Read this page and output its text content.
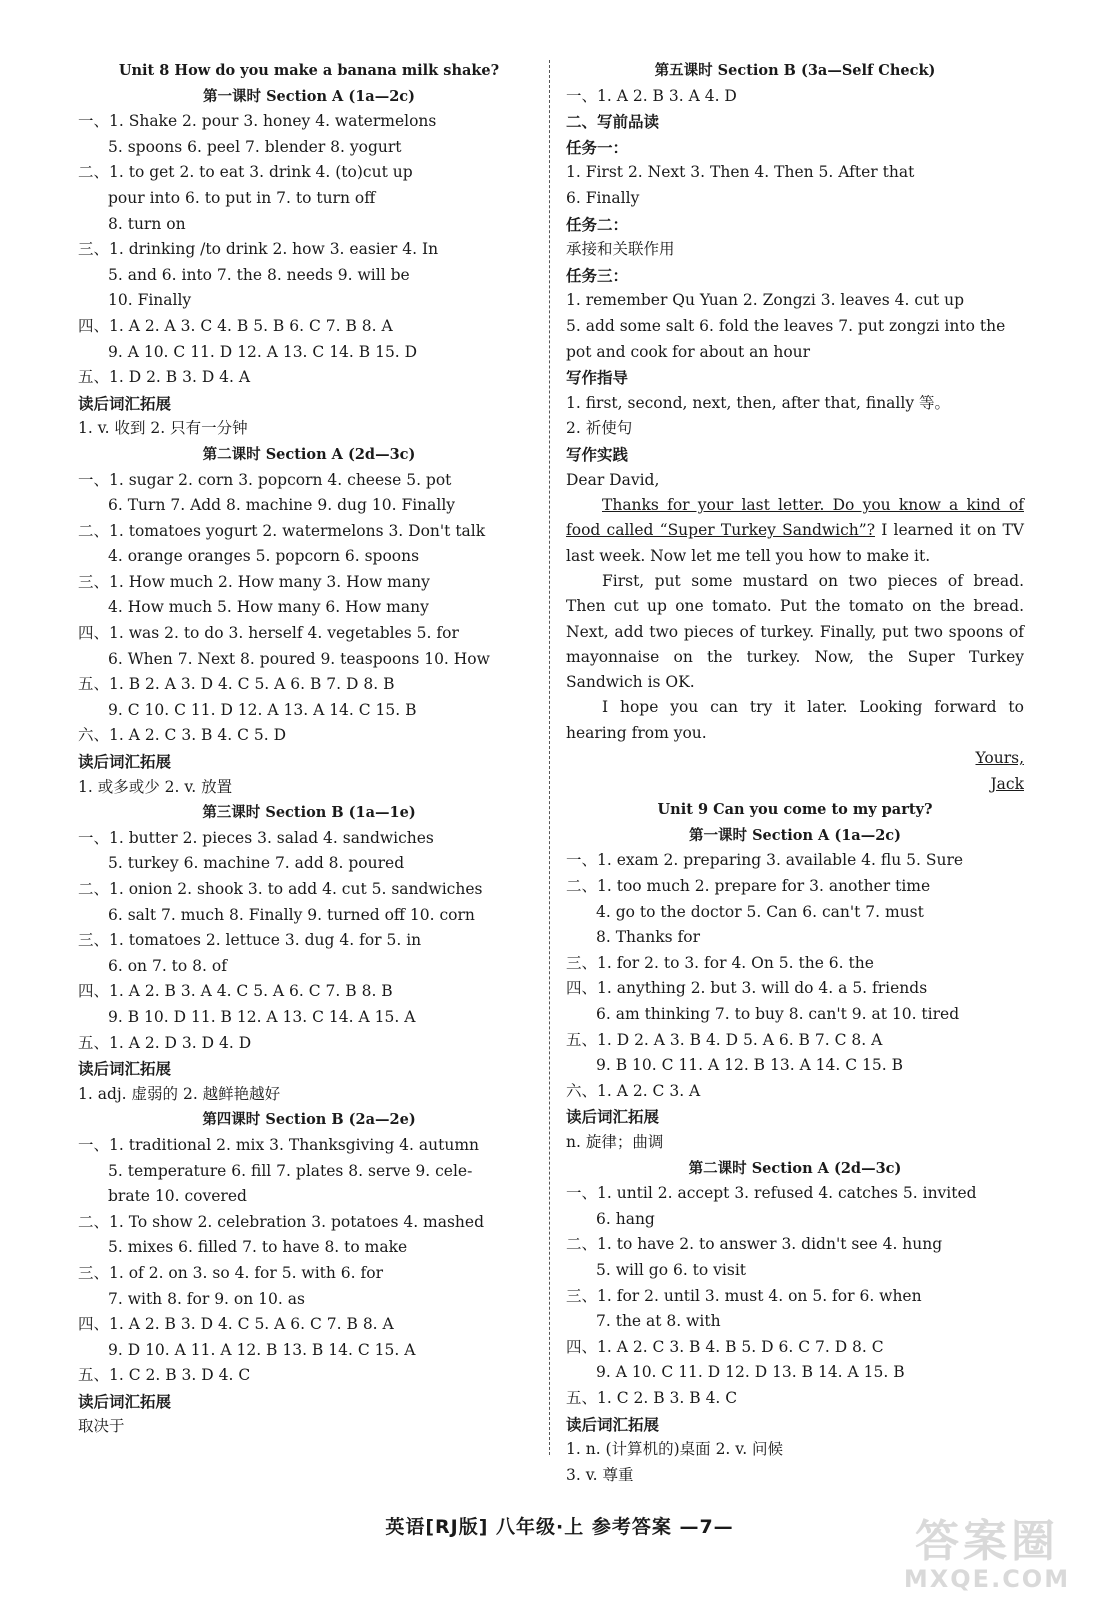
Unit 8 How do you make a banana milk shake?
第一课时 Section A (1a—2c)
一、1. Shake 2. pour 3. honey 4. watermelons
5. spoons 6. peel 7. blender 8. yogurt
二、1. to get 2. to eat 3. drink 4. (to)cut up
pour into 6. to put in 7. to turn off
8. turn on
三、1. drinking /to drink 2. how 3. easier 4. In
5. and 6. into 7. the 8. needs 9. will be
10. Finally
四、1. A 2. A 3. C 4. B 5. B 6. C 7. B 8. A
9. A 10. C 11. D 12. A 13. C 14. B 15. D
五、1. D 2. B 3. D 4. A
读后词汇拓展
1. v. 收到 2. 只有一分钟
第二课时 Section A (2d—3c)
一、1. sugar 2. corn 3. popcorn 4. cheese 5. pot
6. Turn 7. Add 8. machine 9. dug 10. Finally
二、1. tomatoes yogurt 2. watermelons 3. Don't talk
4. orange oranges 5. popcorn 6. spoons
三、1. How much 2. How many 3. How many
4. How much 5. How many 6. How many
四、1. was 2. to do 3. herself 4. vegetables 5. for
6. When 7. Next 8. poured 9. teaspoons 10. How
五、1. B 2. A 3. D 4. C 5. A 6. B 7. D 8. B
9. C 10. C 11. D 12. A 13. A 14. C 15. B
六、1. A 2. C 3. B 4. C 5. D
读后词汇拓展
1. 或多或少 2. v. 放置
第三课时 Section B (1a—1e)
一、1. butter 2. pieces 3. salad 4. sandwiches
5. turkey 6. machine 7. add 8. poured
二、1. onion 2. shook 3. to add 4. cut 5. sandwiches
6. salt 7. much 8. Finally 9. turned off 10. corn
三、1. tomatoes 2. lettuce 3. dug 4. for 5. in
6. on 7. to 8. of
四、1. A 2. B 3. A 4. C 5. A 6. C 7. B 8. B
9. B 10. D 11. B 12. A 13. C 14. A 15. A
五、1. A 2. D 3. D 4. D
读后词汇拓展
1. adj. 虚弱的 2. 越鲜艳越好
第四课时 Section B (2a—2e)
一、1. traditional 2. mix 3. Thanksgiving 4. autumn
5. temperature 6. fill 7. plates 8. serve 9. cele-
brate 10. covered
二、1. To show 2. celebration 3. potatoes 4. mashed
5. mixes 6. filled 7. to have 8. to make
三、1. of 2. on 3. so 4. for 5. with 6. for
7. with 8. for 9. on 10. as
四、1. A 2. B 3. D 4. C 5. A 6. C 7. B 8. A
9. D 10. A 11. A 12. B 13. B 14. C 15. A
五、1. C 2. B 3. D 4. C
读后词汇拓展
取决于
第五课时 Section B (3a—Self Check)
一、1. A 2. B 3. A 4. D
二、写前品读
任务一：
1. First 2. Next 3. Then 4. Then 5. After that
6. Finally
任务二：
承接和关联作用
任务三：
1. remember Qu Yuan 2. Zongzi 3. leaves 4. cut up
5. add some salt 6. fold the leaves 7. put zongzi into the
pot and cook for about an hour
写作指导
1. first, second, next, then, after that, finally 等。
2. 祈使句
写作实践
Dear David,
Thanks for your last letter. Do you know a kind of food called “Super Turkey Sandwich”? I learned it on TV last week. Now let me tell you how to make it.
First, put some mustard on two pieces of bread. Then cut up one tomato. Put the tomato on the bread. Next, add two pieces of turkey. Finally, put two spoons of mayonnaise on the turkey. Now, the Super Turkey Sandwich is OK.
I hope you can try it later. Looking forward to hearing from you.
Yours,
Jack
Unit 9 Can you come to my party?
第一课时 Section A (1a—2c)
一、1. exam 2. preparing 3. available 4. flu 5. Sure
二、1. too much 2. prepare for 3. another time
4. go to the doctor 5. Can 6. can't 7. must
8. Thanks for
三、1. for 2. to 3. for 4. On 5. the 6. the
四、1. anything 2. but 3. will do 4. a 5. friends
6. am thinking 7. to buy 8. can't 9. at 10. tired
五、1. D 2. A 3. B 4. D 5. A 6. B 7. C 8. A
9. B 10. C 11. A 12. B 13. A 14. C 15. B
六、1. A 2. C 3. A
读后词汇拓展
n. 旋律；曲调
第二课时 Section A (2d—3c)
一、1. until 2. accept 3. refused 4. catches 5. invited
6. hang
二、1. to have 2. to answer 3. didn't see 4. hung
5. will go 6. to visit
三、1. for 2. until 3. must 4. on 5. for 6. when
7. the at 8. with
四、1. A 2. C 3. B 4. B 5. D 6. C 7. D 8. C
9. A 10. C 11. D 12. D 13. B 14. A 15. B
五、1. C 2. B 3. B 4. C
读后词汇拓展
1. n. (计算机的)桌面 2. v. 问候
3. v. 尊重
英语[RJ版] 八年级·上 参考答案 —7—	答案圈
MXQE.COM
